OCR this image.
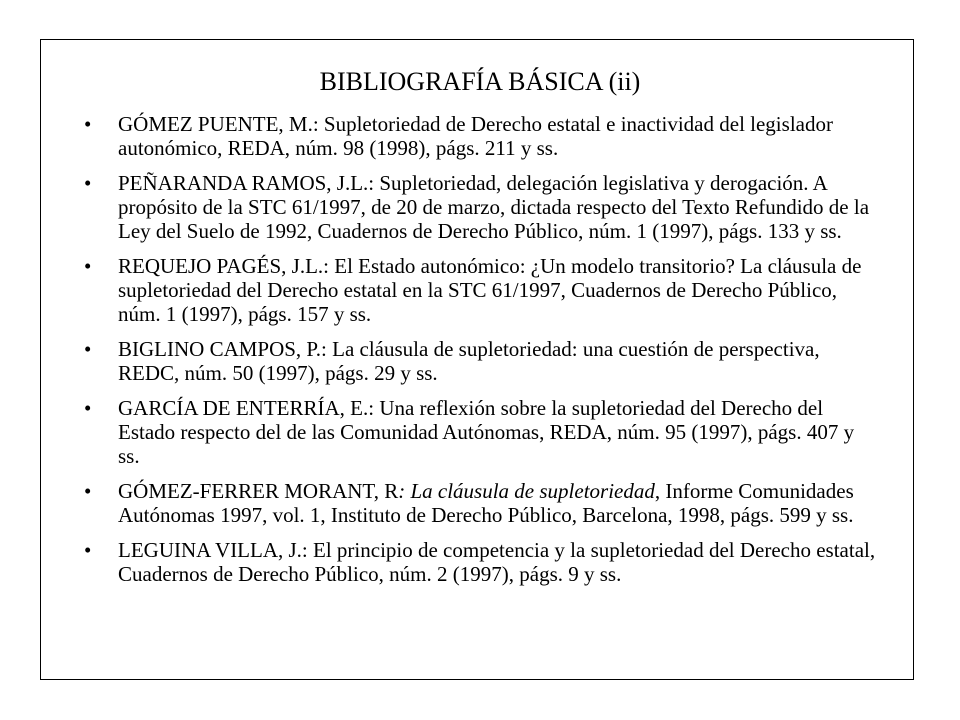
BIBLIOGRAFÍA BÁSICA (ii)
• GÓMEZ PUENTE, M.: Supletoriedad de Derecho estatal e inactividad del legislador autonómico, REDA, núm. 98 (1998), págs. 211 y ss.
• PEÑARANDA RAMOS, J.L.: Supletoriedad, delegación legislativa y derogación. A propósito de la STC 61/1997, de 20 de marzo, dictada respecto del Texto Refundido de la Ley del Suelo de 1992, Cuadernos de Derecho Público, núm. 1 (1997), págs. 133 y ss.
• REQUEJO PAGÉS, J.L.: El Estado autonómico: ¿Un modelo transitorio? La cláusula de supletoriedad del Derecho estatal en la STC 61/1997, Cuadernos de Derecho Público, núm. 1 (1997), págs. 157 y ss.
• BIGLINO CAMPOS, P.: La cláusula de supletoriedad: una cuestión de perspectiva, REDC, núm. 50 (1997), págs. 29 y ss.
• GARCÍA DE ENTERRÍA, E.: Una reflexión sobre la supletoriedad del Derecho del Estado respecto del de las Comunidad Autónomas, REDA, núm. 95 (1997), págs. 407 y ss.
• GÓMEZ-FERRER MORANT, R: La cláusula de supletoriedad, Informe Comunidades Autónomas 1997, vol. 1, Instituto de Derecho Público, Barcelona, 1998, págs. 599 y ss.
• LEGUINA VILLA, J.: El principio de competencia y la supletoriedad del Derecho estatal, Cuadernos de Derecho Público, núm. 2 (1997), págs. 9 y ss.
